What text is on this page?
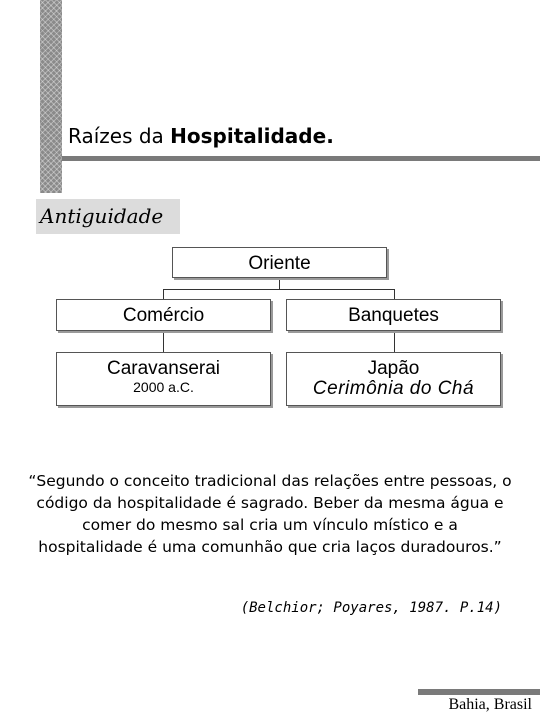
Raízes da Hospitalidade.
Antiguidade
Oriente
Comércio	Banquetes
Caravanserai
2000 a.C.
Japão
Cerimônia do Chá
“Segundo o conceito tradicional das relações entre pessoas, o código da hospitalidade é sagrado. Beber da mesma água e comer do mesmo sal cria um vínculo místico e a hospitalidade é uma comunhão que cria laços duradouros.”
(Belchior; Poyares, 1987. P.14)
Bahia, Brasil
